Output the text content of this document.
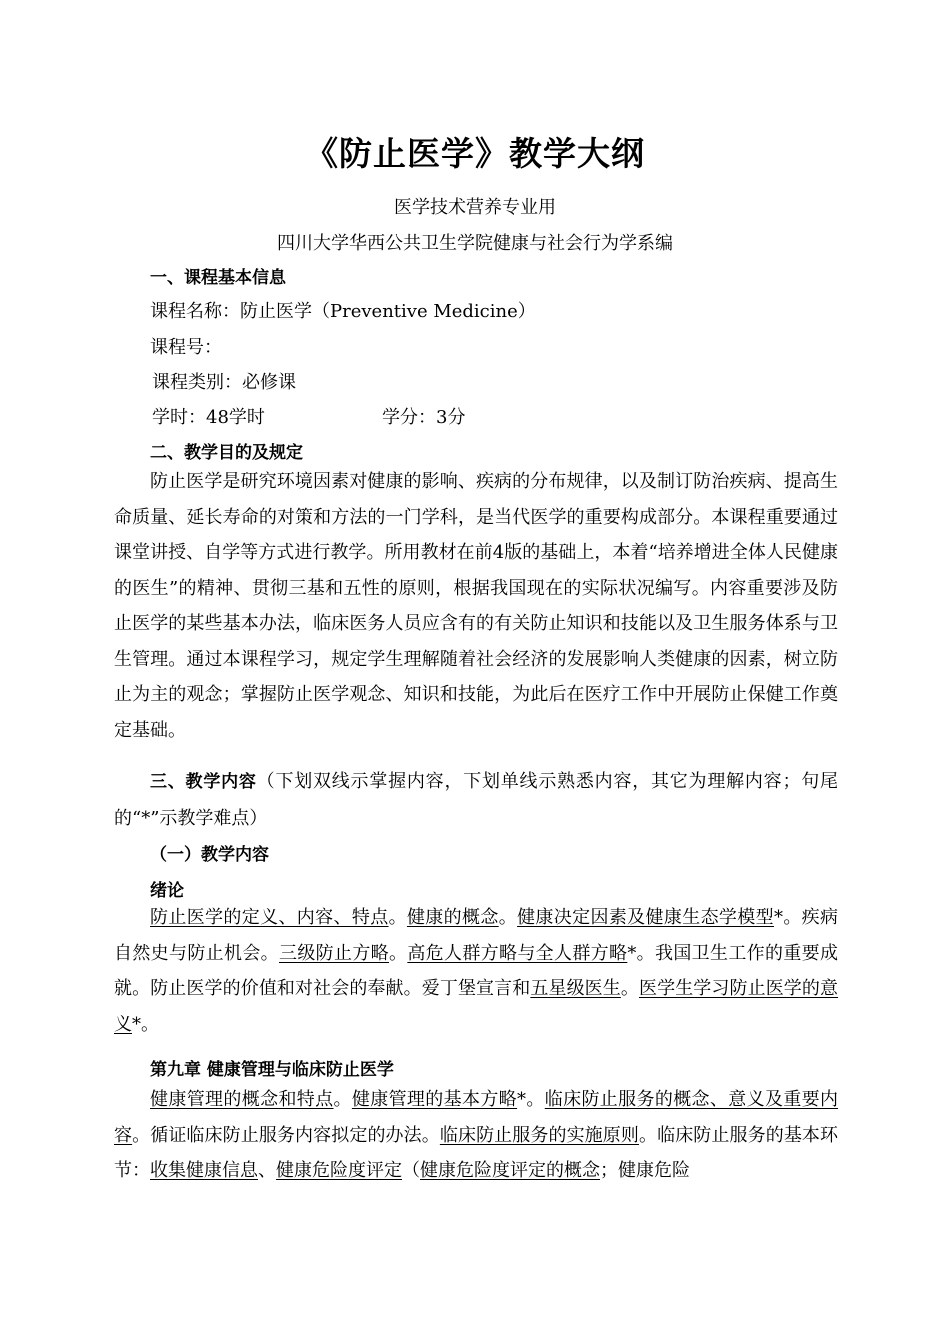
《防止医学》教学大纲
医学技术营养专业用
四川大学华西公共卫生学院健康与社会行为学系编
一、课程基本信息
课程名称：防止医学（Preventive Medicine）
课程号：
课程类别：必修课
学时：48学时	学分：3分
二、教学目的及规定
防止医学是研究环境因素对健康的影响、疾病的分布规律，以及制订防治疾病、提高生命质量、延长寿命的对策和方法的一门学科，是当代医学的重要构成部分。本课程重要通过课堂讲授、自学等方式进行教学。所用教材在前4版的基础上，本着“培养增进全体人民健康的医生”的精神、贯彻三基和五性的原则，根据我国现在的实际状况编写。内容重要涉及防止医学的某些基本办法，临床医务人员应含有的有关防止知识和技能以及卫生服务体系与卫生管理。通过本课程学习，规定学生理解随着社会经济的发展影响人类健康的因素，树立防止为主的观念；掌握防止医学观念、知识和技能，为此后在医疗工作中开展防止保健工作奠定基础。
三、教学内容（下划双线示掌握内容，下划单线示熟悉内容，其它为理解内容；句尾的“*”示教学难点）
（一）教学内容
绪论
防止医学的定义、内容、特点。健康的概念。健康决定因素及健康生态学模型*。疾病自然史与防止机会。三级防止方略。高危人群方略与全人群方略*。我国卫生工作的重要成就。防止医学的价值和对社会的奉献。爱丁堡宣言和五星级医生。医学生学习防止医学的意义*。
第九章 健康管理与临床防止医学
健康管理的概念和特点。健康管理的基本方略*。临床防止服务的概念、意义及重要内容。循证临床防止服务内容拟定的办法。临床防止服务的实施原则。临床防止服务的基本环节：收集健康信息、健康危险度评定（健康危险度评定的概念；健康危险
